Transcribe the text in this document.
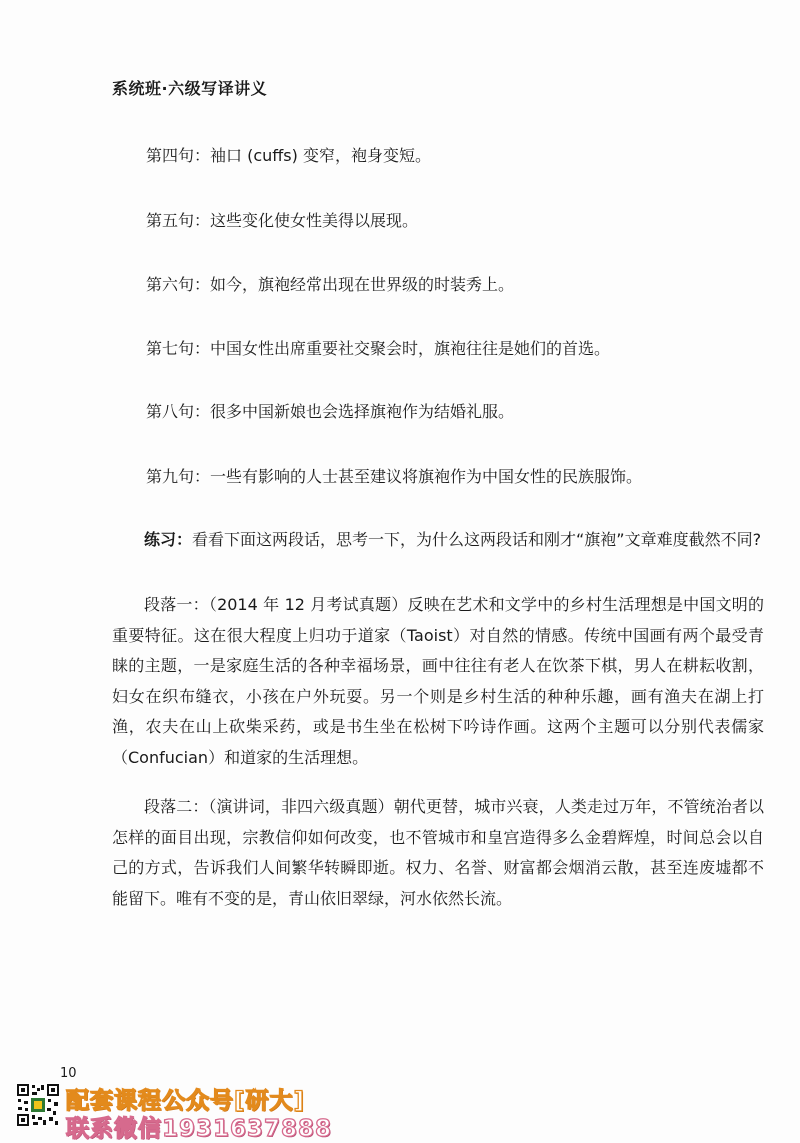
系统班·六级写译讲义
第四句：袖口 (cuffs) 变窄，袍身变短。
第五句：这些变化使女性美得以展现。
第六句：如今，旗袍经常出现在世界级的时装秀上。
第七句：中国女性出席重要社交聚会时，旗袍往往是她们的首选。
第八句：很多中国新娘也会选择旗袍作为结婚礼服。
第九句：一些有影响的人士甚至建议将旗袍作为中国女性的民族服饰。
练习：看看下面这两段话，思考一下，为什么这两段话和刚才“旗袍”文章难度截然不同?
段落一：（2014 年 12 月考试真题）反映在艺术和文学中的乡村生活理想是中国文明的重要特征。这在很大程度上归功于道家（Taoist）对自然的情感。传统中国画有两个最受青睐的主题，一是家庭生活的各种幸福场景，画中往往有老人在饮茶下棋，男人在耕耘收割，妇女在织布缝衣，小孩在户外玩耍。另一个则是乡村生活的种种乐趣，画有渔夫在湖上打渔，农夫在山上砍柴采药，或是书生坐在松树下吟诗作画。这两个主题可以分别代表儒家（Confucian）和道家的生活理想。
段落二：（演讲词，非四六级真题）朝代更替，城市兴衰，人类走过万年，不管统治者以怎样的面目出现，宗教信仰如何改变，也不管城市和皇宫造得多么金碧辉煌，时间总会以自己的方式，告诉我们人间繁华转瞬即逝。权力、名誉、财富都会烟消云散，甚至连废墟都不能留下。唯有不变的是，青山依旧翠绿，河水依然长流。
10
配套课程公众号[研大]
联系微信1931637888
